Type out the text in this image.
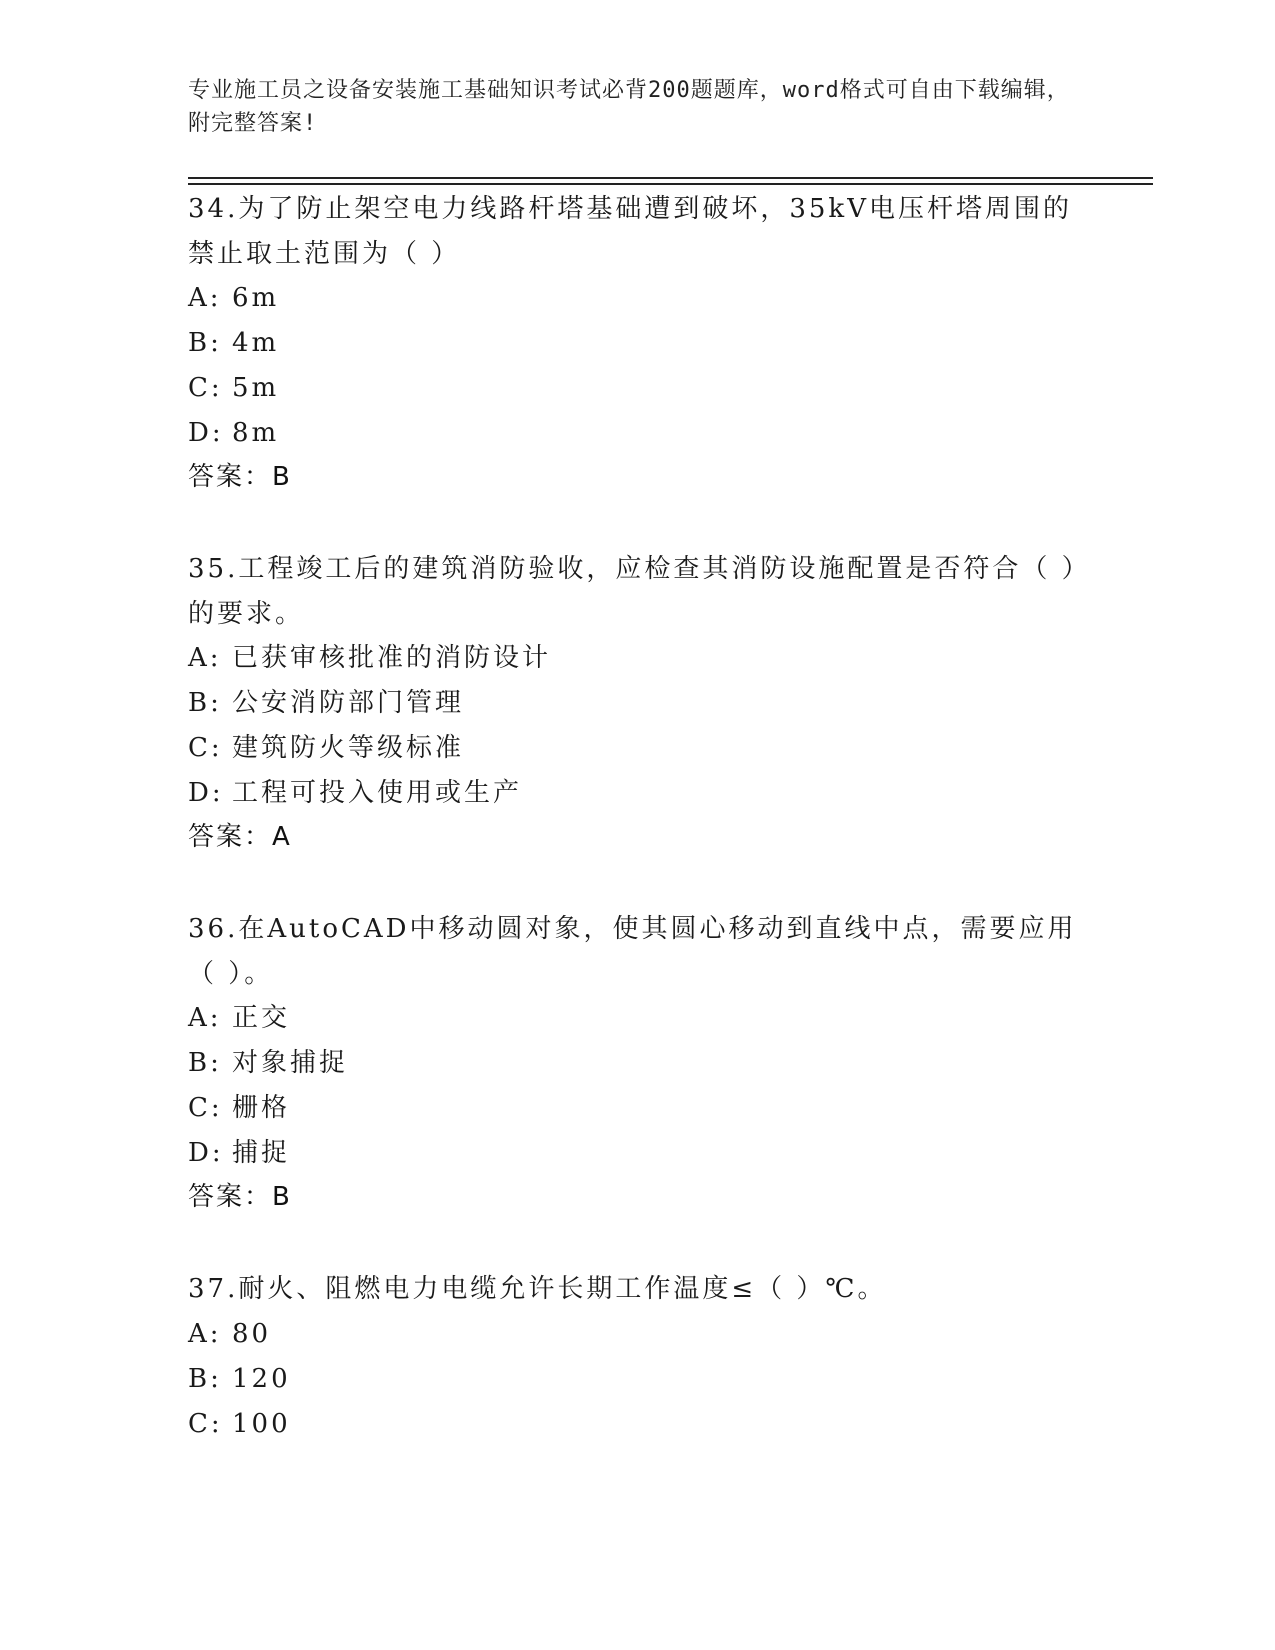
专业施工员之设备安装施工基础知识考试必背200题题库，word格式可自由下载编辑，附完整答案!
34.为了防止架空电力线路杆塔基础遭到破坏，35kV电压杆塔周围的禁止取土范围为（ ）
A: 6m
B: 4m
C: 5m
D: 8m
答案：B
35.工程竣工后的建筑消防验收，应检查其消防设施配置是否符合（ ）的要求。
A: 已获审核批准的消防设计
B: 公安消防部门管理
C: 建筑防火等级标准
D: 工程可投入使用或生产
答案：A
36.在AutoCAD中移动圆对象，使其圆心移动到直线中点，需要应用（ ）。
A: 正交
B: 对象捕捉
C: 栅格
D: 捕捉
答案：B
37.耐火、阻燃电力电缆允许长期工作温度≤（ ）℃。
A: 80
B: 120
C: 100
